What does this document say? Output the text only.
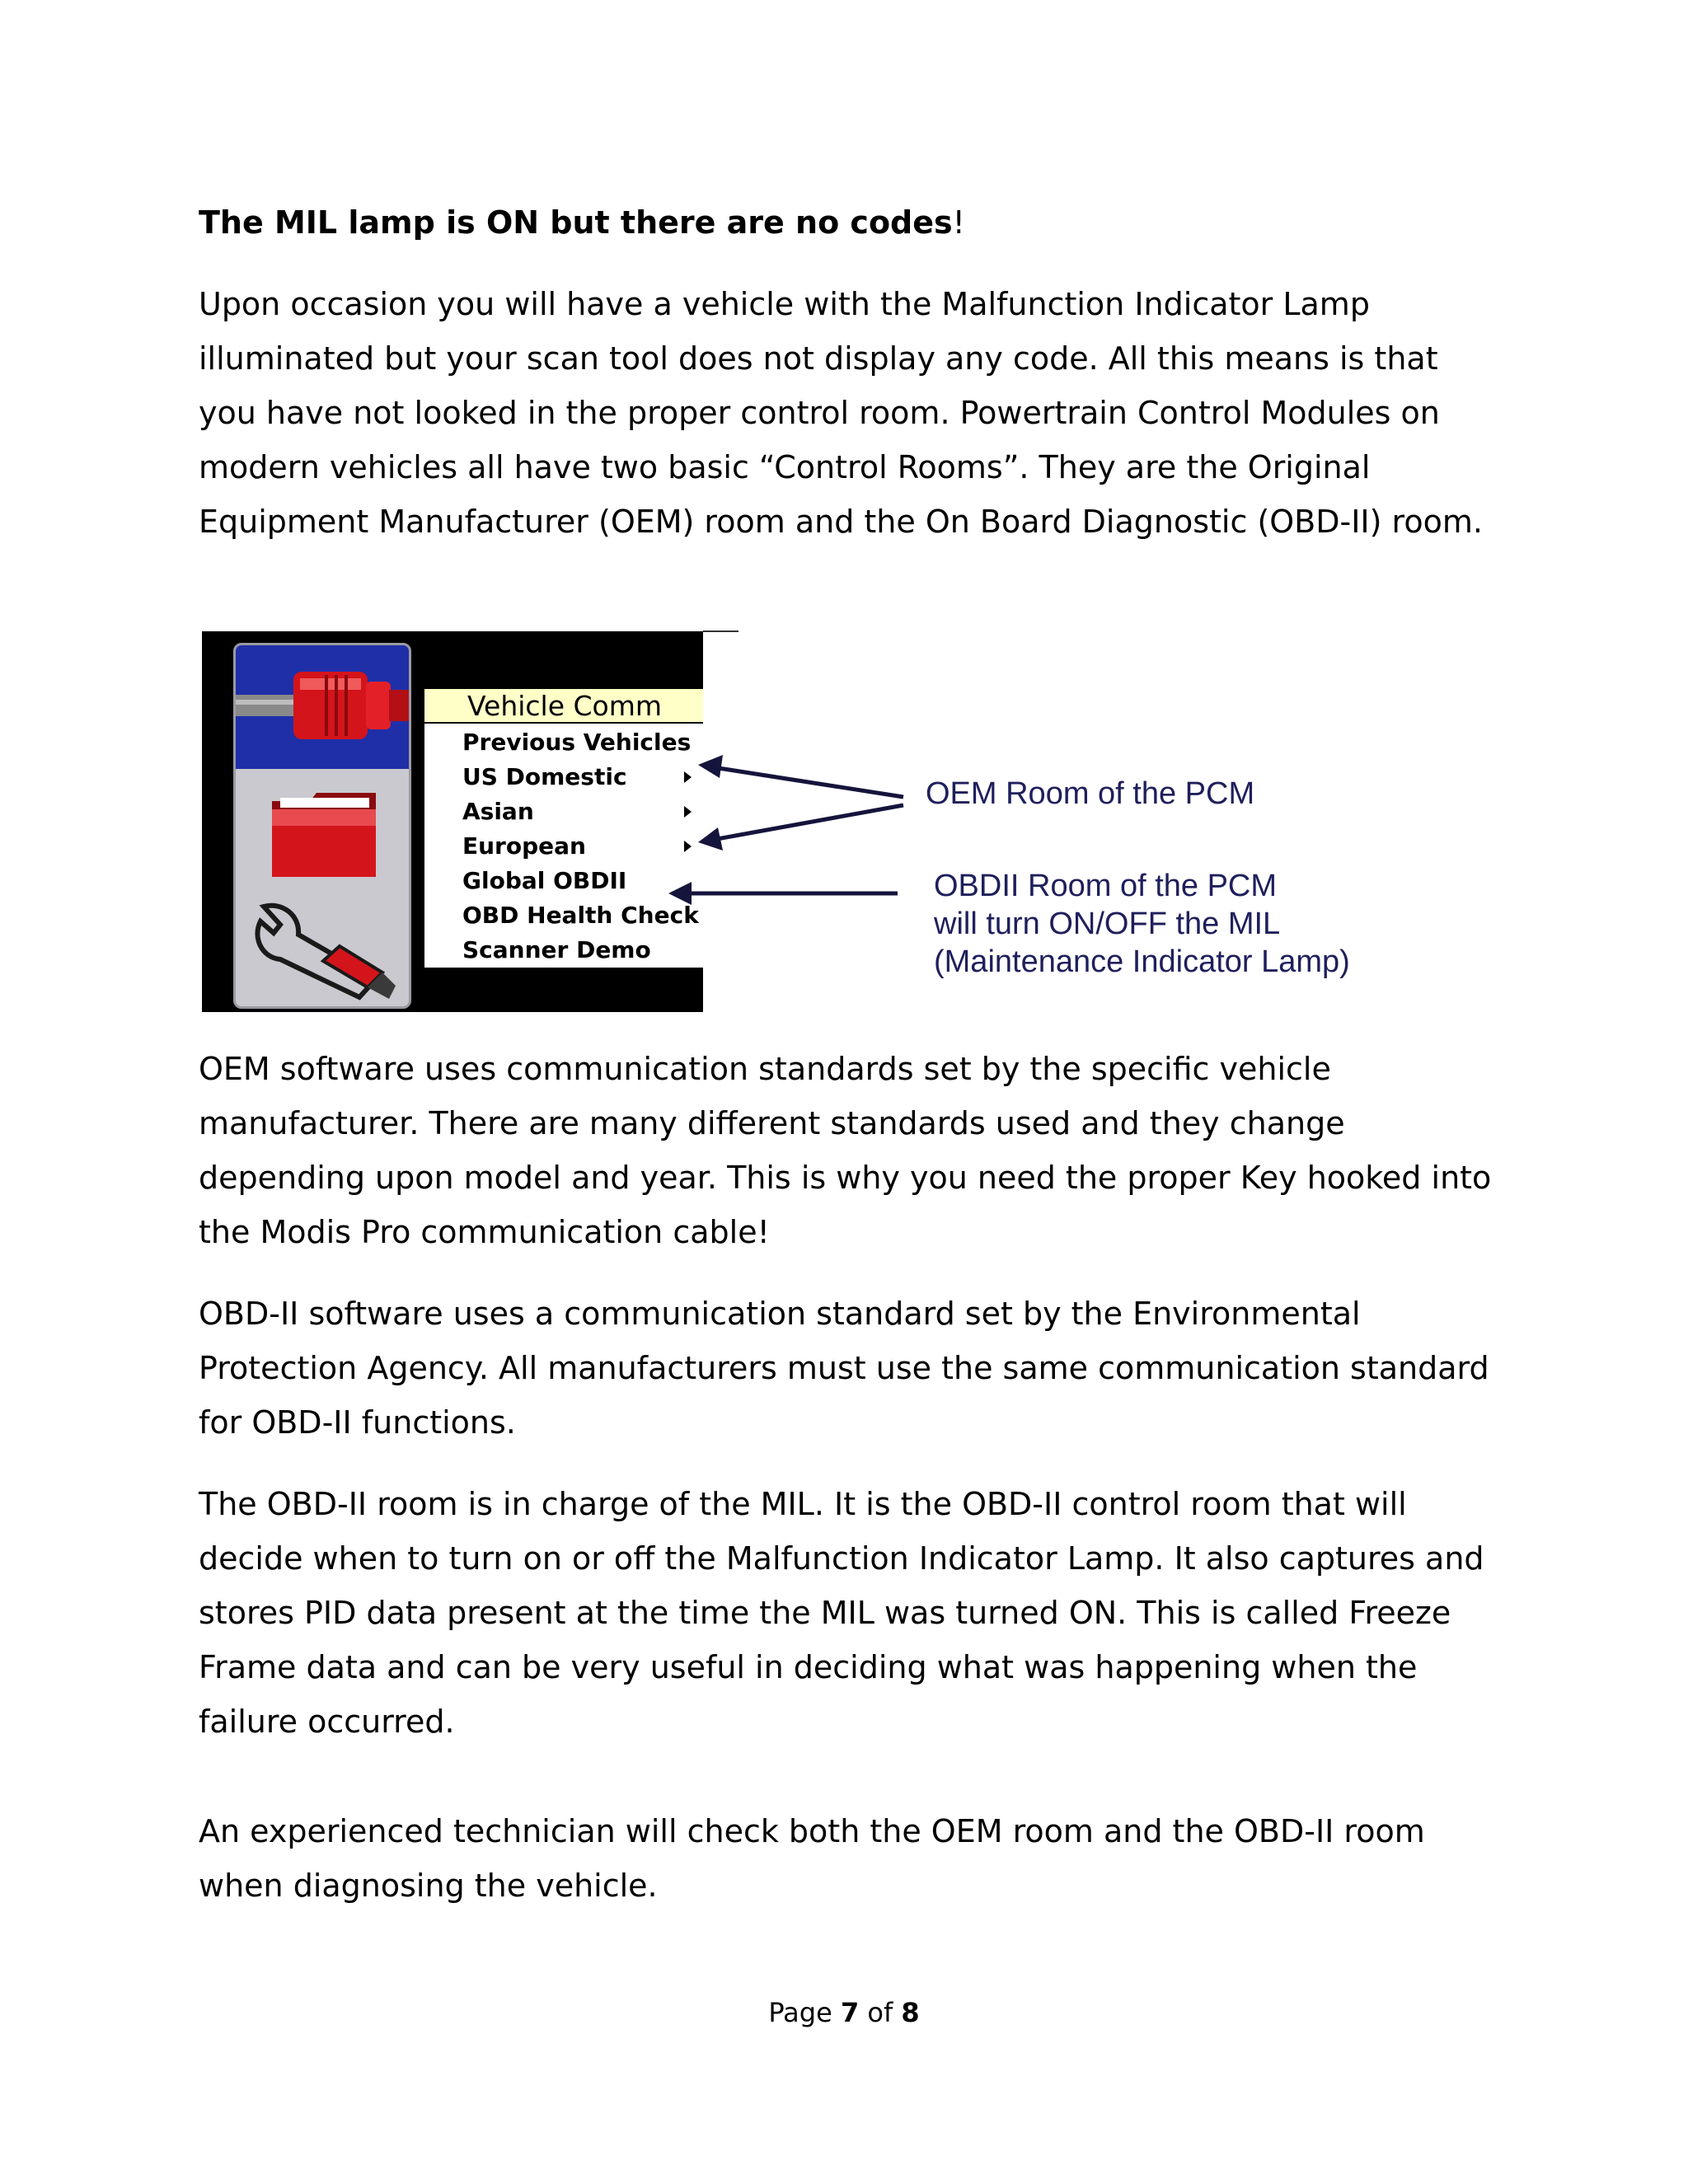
The MIL lamp is ON but there are no codes!

Upon occasion you will have a vehicle with the Malfunction Indicator Lamp illuminated but your scan tool does not display any code. All this means is that you have not looked in the proper control room. Powertrain Control Modules on modern vehicles all have two basic “Control Rooms”. They are the Original Equipment Manufacturer (OEM) room and the On Board Diagnostic (OBD-II) room.

Vehicle Comm
Previous Vehicles
US Domestic
Asian
European
Global OBDII
OBD Health Check
Scanner Demo
OEM Room of the PCM
OBDII Room of the PCM
will turn ON/OFF the MIL
(Maintenance Indicator Lamp)

OEM software uses communication standards set by the specific vehicle manufacturer. There are many different standards used and they change depending upon model and year. This is why you need the proper Key hooked into the Modis Pro communication cable!

OBD-II software uses a communication standard set by the Environmental Protection Agency. All manufacturers must use the same communication standard for OBD-II functions.

The OBD-II room is in charge of the MIL. It is the OBD-II control room that will decide when to turn on or off the Malfunction Indicator Lamp. It also captures and stores PID data present at the time the MIL was turned ON. This is called Freeze Frame data and can be very useful in deciding what was happening when the failure occurred.

An experienced technician will check both the OEM room and the OBD-II room when diagnosing the vehicle.

Page 7 of 8
